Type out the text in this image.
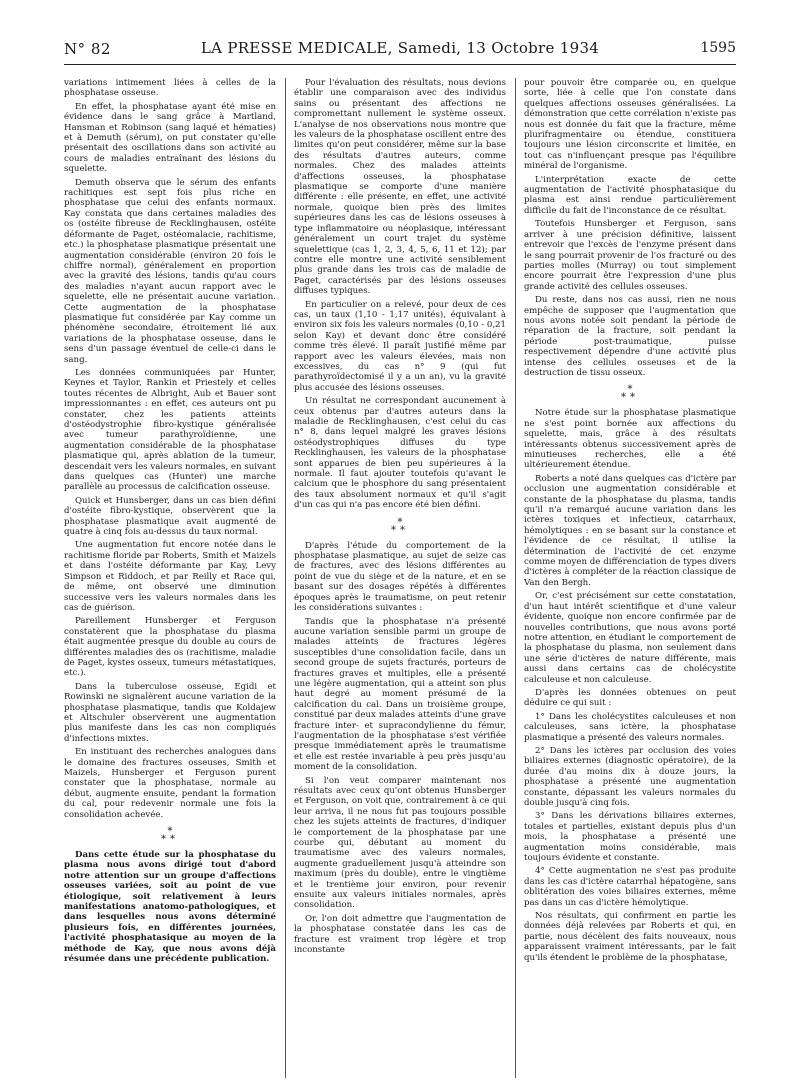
N° 82	LA PRESSE MEDICALE, Samedi, 13 Octobre 1934	1595

variations intimement liées à celles de la phosphatase osseuse.

En effet, la phosphatase ayant été mise en évidence dans le sang grâce à Martland, Hansman et Robinson (sang laqué et hématies) et à Demuth (sérum), on put constater qu'elle présentait des oscillations dans son activité au cours de maladies entraînant des lésions du squelette.

Demuth observa que le sérum des enfants rachitiques est sept fois plus riche en phosphatase que celui des enfants normaux. Kay constata que dans certaines maladies des os (ostéite fibreuse de Recklinghausen, ostéite déformante de Paget, ostéomalacie, rachitisme, etc.) la phosphatase plasmatique présentait une augmentation considérable (environ 20 fois le chiffre normal), généralement en proportion avec la gravité des lésions, tandis qu'au cours des maladies n'ayant aucun rapport avec le squelette, elle ne présentait aucune variation. Cette augmentation de la phosphatase plasmatique fut considérée par Kay comme un phénomène secondaire, étroitement lié aux variations de la phosphatase osseuse, dans le sens d'un passage éventuel de celle-ci dans le sang.

Les données communiquées par Hunter, Keynes et Taylor, Rankin et Priestely et celles toutes récentes de Albright, Aub et Bauer sont impressionnantes : en effet, ces auteurs ont pu constater, chez les patients atteints d'ostéodystrophie fibro-kystique généralisée avec tumeur parathyroïdienne, une augmentation considérable de la phosphatase plasmatique qui, après ablation de la tumeur, descendait vers les valeurs normales, en suivant dans quelques cas (Hunter) une marche parallèle au processus de calcification osseuse.

Quick et Hunsberger, dans un cas bien défini d'ostéite fibro-kystique, observèrent que la phosphatase plasmatique avait augmenté de quatre à cinq fois au-dessus du taux normal.

Une augmentation fut encore notée dans le rachitisme floride par Roberts, Smith et Maizels et dans l'ostéite déformante par Kay, Levy Simpson et Riddoch, et par Reilly et Race qui, de même, ont observé une diminution successive vers les valeurs normales dans les cas de guérison.

Pareillement Hunsberger et Ferguson constatèrent que la phosphatase du plasma était augmentée presque du double au cours de différentes maladies des os (rachitisme, maladie de Paget, kystes osseux, tumeurs métastatiques, etc.).

Dans la tuberculose osseuse, Egidi et Rowinski ne signalèrent aucune variation de la phosphatase plasmatique, tandis que Koldajew et Altschuler observèrent une augmentation plus manifeste dans les cas non compliqués d'infections mixtes.

En instituant des recherches analogues dans le domaine des fractures osseuses, Smith et Maizels, Hunsberger et Ferguson purent constater que la phosphatase, normale au début, augmente ensuite, pendant la formation du cal, pour redevenir normale une fois la consolidation achevée.

*
**

Dans cette étude sur la phosphatase du plasma nous avons dirigé tout d'abord notre attention sur un groupe d'affections osseuses variées, soit au point de vue étiologique, soit relativement à leurs manifestations anatomo-pathologiques, et dans lesquelles nous avons déterminé plusieurs fois, en différentes journées, l'activité phosphatasique au moyen de la méthode de Kay, que nous avons déjà résumée dans une précédente publication.

Pour l'évaluation des résultats, nous devions établir une comparaison avec des individus sains ou présentant des affections ne compromettant nullement le système osseux. L'analyse de nos observations nous montre que les valeurs de la phosphatase oscillent entre des limites qu'on peut considérer, même sur la base des résultats d'autres auteurs, comme normales. Chez des malades atteints d'affections osseuses, la phosphatase plasmatique se comporte d'une manière différente : elle présente, en effet, une activité normale, quoique bien près des limites supérieures dans les cas de lésions osseuses à type inflammatoire ou néoplasique, intéressant généralement un court trajet du système squelettique (cas 1, 2, 3, 4, 5, 6, 11 et 12); par contre elle montre une activité sensiblement plus grande dans les trois cas de maladie de Paget, caractérisés par des lésions osseuses diffuses typiques.

En particulier on a relevé, pour deux de ces cas, un taux (1,10 - 1,17 unités), équivalant à environ six fois les valeurs normales (0,10 - 0,21 selon Kay) et devant donc être considéré comme très élevé. Il paraît justifié même par rapport avec les valeurs élevées, mais non excessives, du cas n° 9 (qui fut parathyroïdectomisé il y a un an), vu la gravité plus accusée des lésions osseuses.

Un résultat ne correspondant aucunement à ceux obtenus par d'autres auteurs dans la maladie de Recklinghausen, c'est celui du cas n° 8, dans lequel malgré les graves lésions ostéodystrophiques diffuses du type Recklinghausen, les valeurs de la phosphatase sont apparues de bien peu supérieures à la normale. Il faut ajouter toutefois qu'avant le calcium que le phosphore du sang présentaient des taux absolument normaux et qu'il s'agit d'un cas qui n'a pas encore été bien défini.

*
**

D'après l'étude du comportement de la phosphatase plasmatique, au sujet de seize cas de fractures, avec des lésions différentes au point de vue du siège et de la nature, et en se basant sur des dosages répétés à différentes époques après le traumatisme, on peut retenir les considérations suivantes :

Tandis que la phosphatase n'a présenté aucune variation sensible parmi un groupe de malades atteints de fractures légères susceptibles d'une consolidation facile, dans un second groupe de sujets fracturés, porteurs de fractures graves et multiples, elle a présenté une légère augmentation, qui a atteint son plus haut degré au moment présumé de la calcification du cal. Dans un troisième groupe, constitué par deux malades atteints d'une grave fracture inter- et supracondylienne du fémur, l'augmentation de la phosphatase s'est vérifiée presque immédiatement après le traumatisme et elle est restée invariable à peu près jusqu'au moment de la consolidation.

Si l'on veut comparer maintenant nos résultats avec ceux qu'ont obtenus Hunsberger et Ferguson, on voit que, contrairement à ce qui leur arriva, il ne nous fut pas toujours possible chez les sujets atteints de fractures, d'indiquer le comportement de la phosphatase par une courbe qui, débutant au moment du traumatisme avec des valeurs normales, augmente graduellement jusqu'à atteindre son maximum (près du double), entre le vingtième et le trentième jour environ, pour revenir ensuite aux valeurs initiales normales, après consolidation.

Or, l'on doit admettre que l'augmentation de la phosphatase constatée dans les cas de fracture est vraiment trop légère et trop inconstante

pour pouvoir être comparée ou, en quelque sorte, liée à celle que l'on constate dans quelques affections osseuses généralisées. La démonstration que cette corrélation n'existe pas nous est donnée du fait que la fracture, même plurifragmentaire ou étendue, constituera toujours une lésion circonscrite et limitée, en tout cas n'influençant presque pas l'équilibre minéral de l'organisme.

L'interprétation exacte de cette augmentation de l'activité phosphatasique du plasma est ainsi rendue particulièrement difficile du fait de l'inconstance de ce résultat.

Toutefois Hunsberger et Ferguson, sans arriver à une précision définitive, laissent entrevoir que l'excès de l'enzyme présent dans le sang pourrait provenir de l'os fracturé ou des parties molles (Murray) ou tout simplement encore pourrait être l'expression d'une plus grande activité des cellules osseuses.

Du reste, dans nos cas aussi, rien ne nous empêche de supposer que l'augmentation que nous avons notée soit pendant la période de réparation de la fracture, soit pendant la période post-traumatique, puisse respectivement dépendre d'une activité plus intense des cellules osseuses et de la destruction de tissu osseux.

*
**

Notre étude sur la phosphatase plasmatique ne s'est point bornée aux affections du squelette, mais, grâce à des résultats intéressants obtenus successivement après de minutieuses recherches, elle a été ultérieurement étendue.

Roberts a noté dans quelques cas d'ictère par occlusion une augmentation considérable et constante de la phosphatase du plasma, tandis qu'il n'a remarqué aucune variation dans les ictères toxiques et infectieux, catarrhaux, hémolytiques : en se basant sur la constance et l'évidence de ce résultat, il utilise la détermination de l'activité de cet enzyme comme moyen de différenciation de types divers d'ictères à compléter de la réaction classique de Van den Bergh.

Or, c'est précisément sur cette constatation, d'un haut intérêt scientifique et d'une valeur évidente, quoique non encore confirmée par de nouvelles contributions, que nous avons porté notre attention, en étudiant le comportement de la phosphatase du plasma, non seulement dans une série d'ictères de nature différente, mais aussi dans certains cas de cholécystite calculeuse et non calculeuse.

D'après les données obtenues on peut déduire ce qui suit :

1° Dans les cholécystites calculeuses et non calculeuses, sans ictère, la phosphatase plasmatique a présenté des valeurs normales.

2° Dans les ictères par occlusion des voies biliaires externes (diagnostic opératoire), de la durée d'au moins dix à douze jours, la phosphatase a présenté une augmentation constante, dépassant les valeurs normales du double jusqu'à cinq fois.

3° Dans les dérivations biliaires externes, totales et partielles, existant depuis plus d'un mois, la phosphatase a présenté une augmentation moins considérable, mais toujours évidente et constante.

4° Cette augmentation ne s'est pas produite dans les cas d'ictère catarrhal hépatogène, sans oblitération des voies biliaires externes, même pas dans un cas d'ictère hémolytique.

Nos résultats, qui confirment en partie les données déjà relevées par Roberts et qui, en partie, nous décèlent des faits nouveaux, nous apparaissent vraiment intéressants, par le fait qu'ils étendent le problème de la phosphatase,
